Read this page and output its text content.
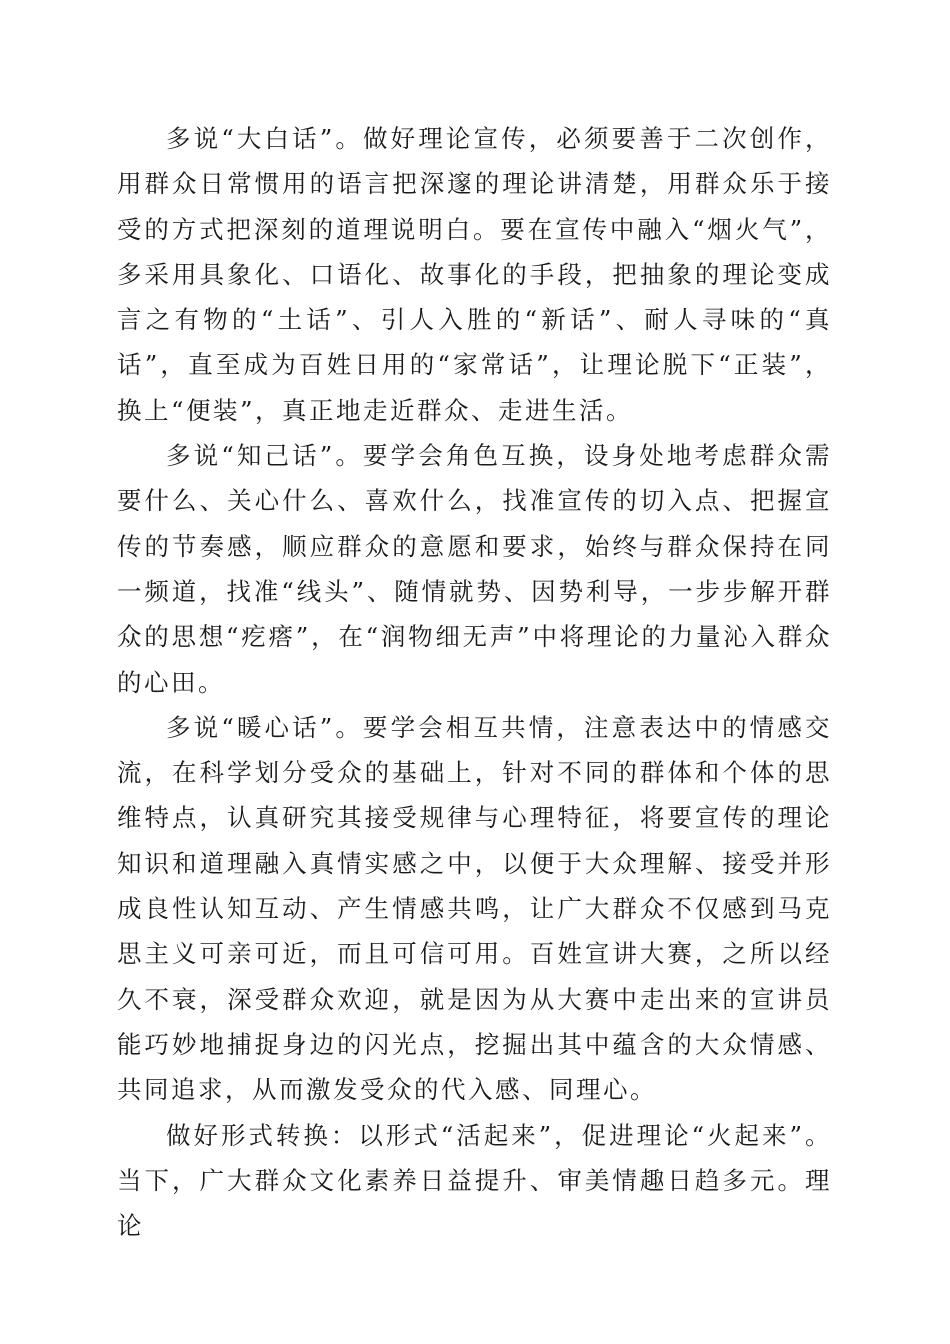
多说“大白话”。做好理论宣传，必须要善于二次创作，用群众日常惯用的语言把深邃的理论讲清楚，用群众乐于接受的方式把深刻的道理说明白。要在宣传中融入“烟火气”，多采用具象化、口语化、故事化的手段，把抽象的理论变成言之有物的“土话”、引人入胜的“新话”、耐人寻味的“真话”，直至成为百姓日用的“家常话”，让理论脱下“正装”，换上“便装”，真正地走近群众、走进生活。

多说“知己话”。要学会角色互换，设身处地考虑群众需要什么、关心什么、喜欢什么，找准宣传的切入点、把握宣传的节奏感，顺应群众的意愿和要求，始终与群众保持在同一频道，找准“线头”、随情就势、因势利导，一步步解开群众的思想“疙瘩”，在“润物细无声”中将理论的力量沁入群众的心田。

多说“暖心话”。要学会相互共情，注意表达中的情感交流，在科学划分受众的基础上，针对不同的群体和个体的思维特点，认真研究其接受规律与心理特征，将要宣传的理论知识和道理融入真情实感之中，以便于大众理解、接受并形成良性认知互动、产生情感共鸣，让广大群众不仅感到马克思主义可亲可近，而且可信可用。百姓宣讲大赛，之所以经久不衰，深受群众欢迎，就是因为从大赛中走出来的宣讲员能巧妙地捕捉身边的闪光点，挖掘出其中蕴含的大众情感、共同追求，从而激发受众的代入感、同理心。

做好形式转换：以形式“活起来”，促进理论“火起来”。当下，广大群众文化素养日益提升、审美情趣日趋多元。理论
